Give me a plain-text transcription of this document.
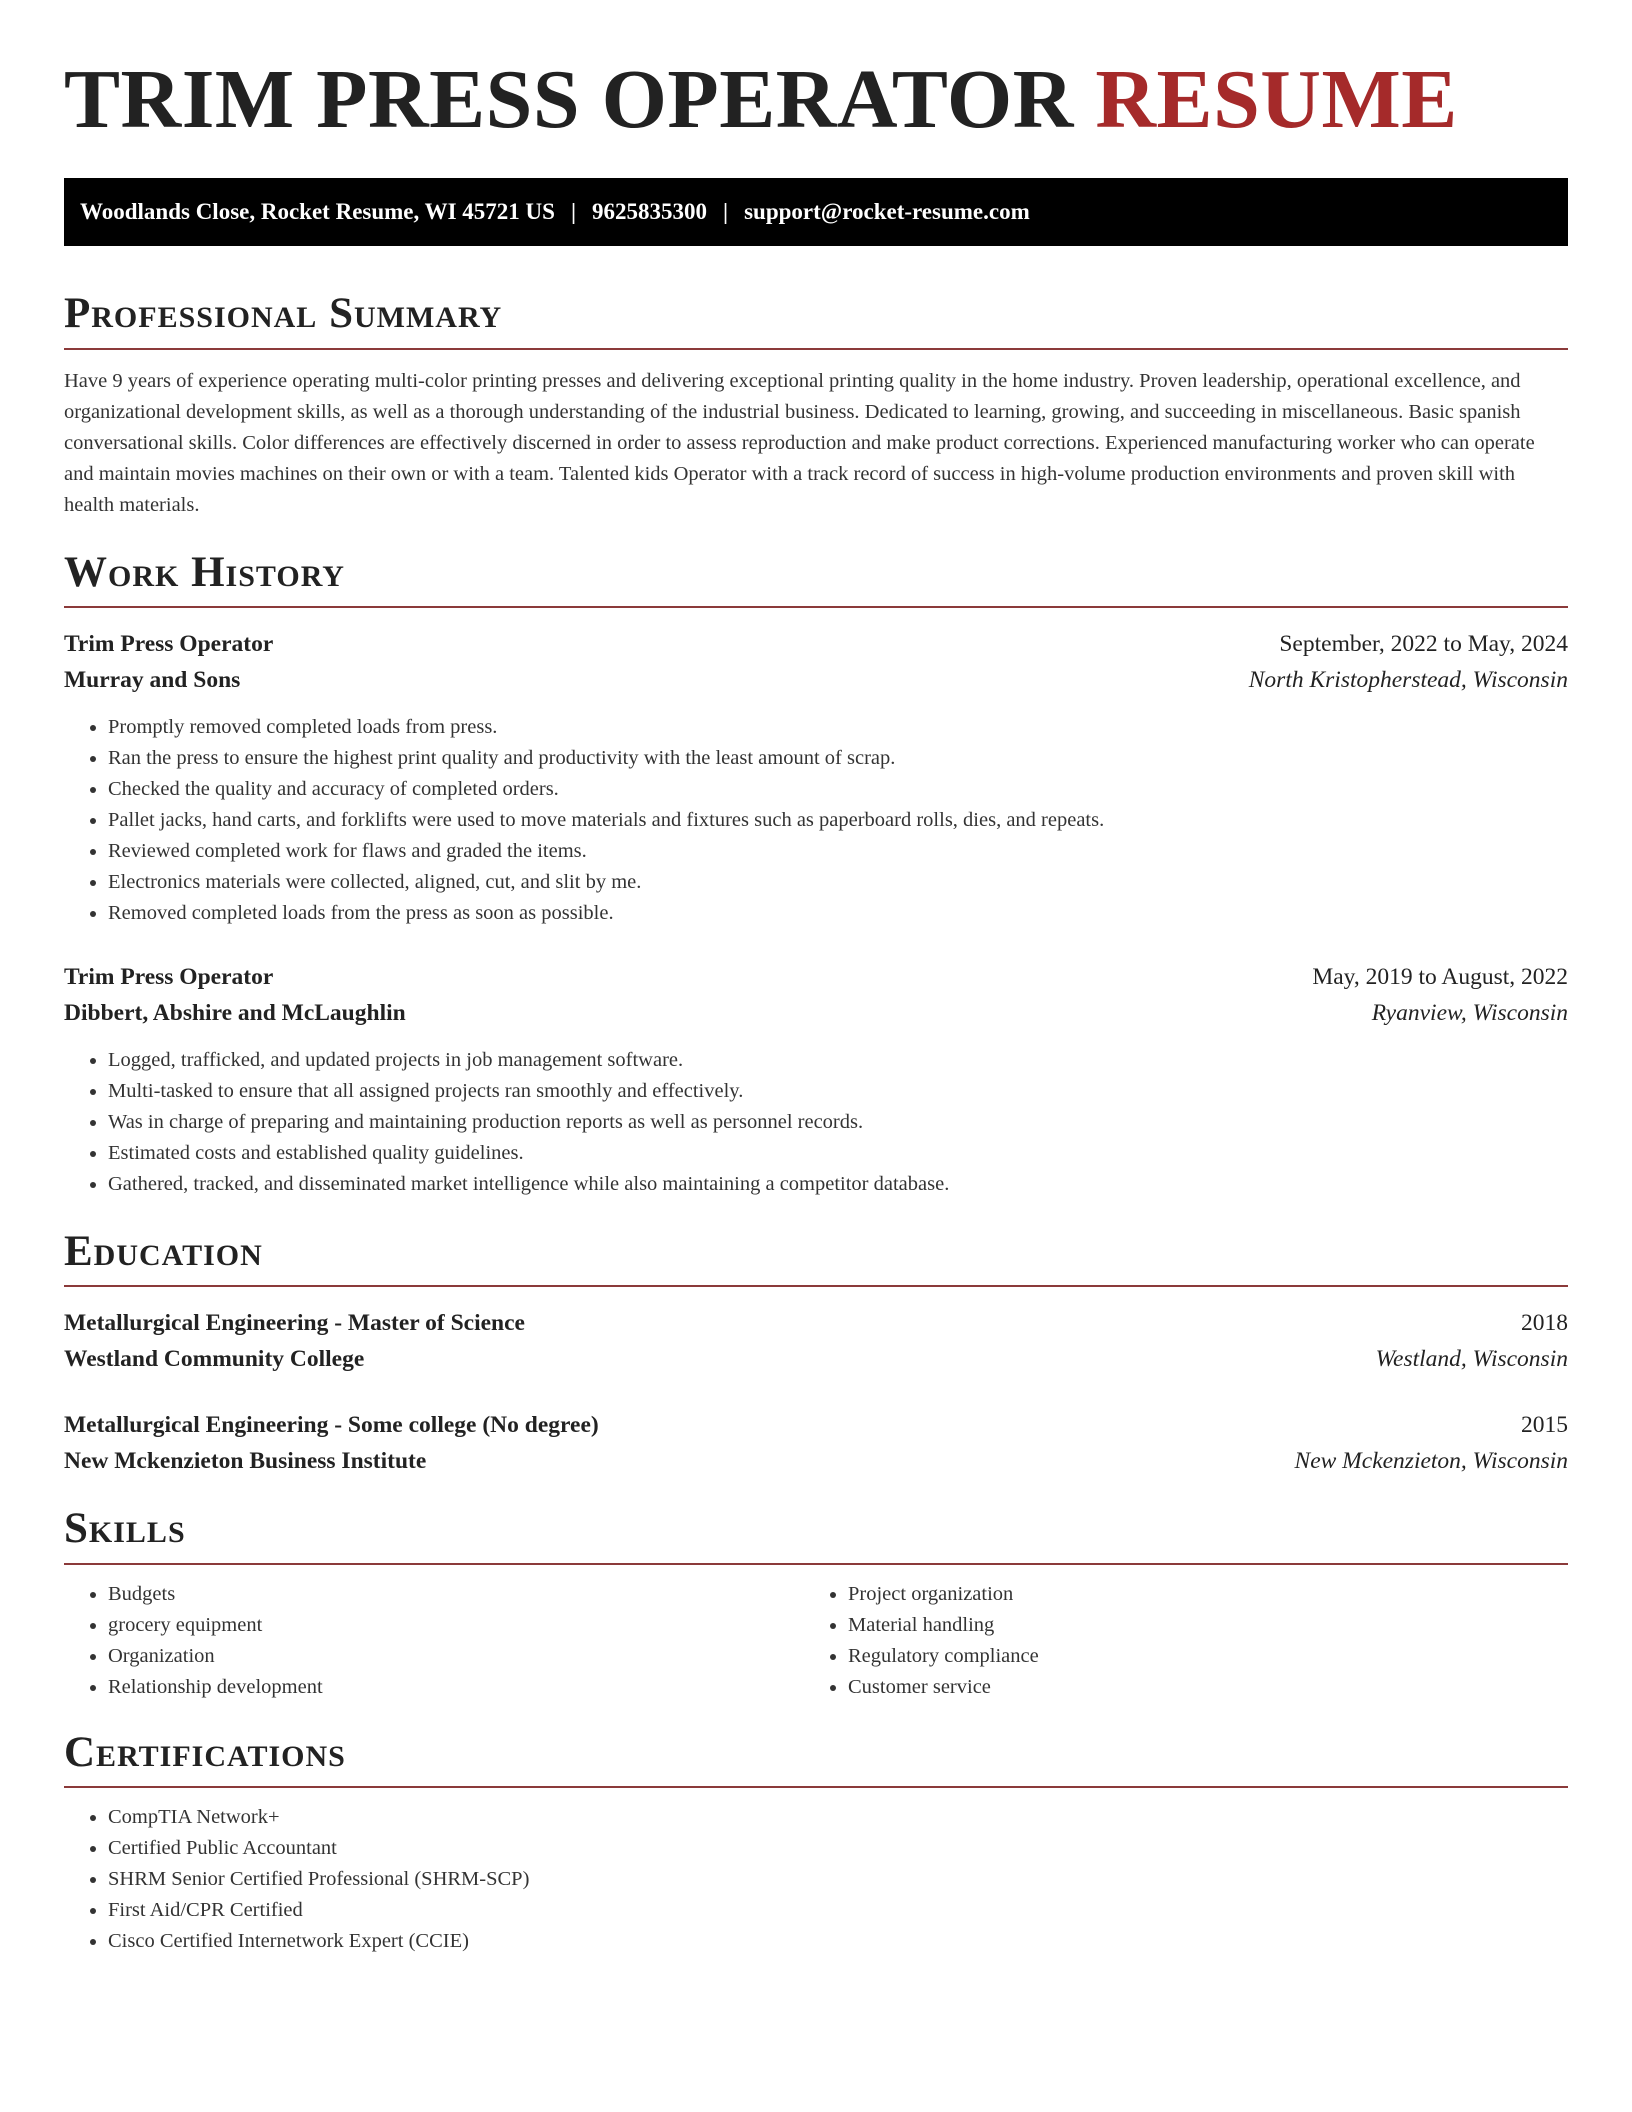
TRIM PRESS OPERATOR RESUME
Woodlands Close, Rocket Resume, WI 45721 US | 9625835300 | support@rocket-resume.com
Professional Summary

Have 9 years of experience operating multi-color printing presses and delivering exceptional printing quality in the home industry. Proven leadership, operational excellence, and organizational development skills, as well as a thorough understanding of the industrial business. Dedicated to learning, growing, and succeeding in miscellaneous. Basic spanish conversational skills. Color differences are effectively discerned in order to assess reproduction and make product corrections. Experienced manufacturing worker who can operate and maintain movies machines on their own or with a team. Talented kids Operator with a track record of success in high-volume production environments and proven skill with health materials.

Work History
Trim Press Operator	September, 2022 to May, 2024
Murray and Sons	North Kristopherstead, Wisconsin
• Promptly removed completed loads from press.
• Ran the press to ensure the highest print quality and productivity with the least amount of scrap.
• Checked the quality and accuracy of completed orders.
• Pallet jacks, hand carts, and forklifts were used to move materials and fixtures such as paperboard rolls, dies, and repeats.
• Reviewed completed work for flaws and graded the items.
• Electronics materials were collected, aligned, cut, and slit by me.
• Removed completed loads from the press as soon as possible.
Trim Press Operator	May, 2019 to August, 2022
Dibbert, Abshire and McLaughlin	Ryanview, Wisconsin
• Logged, trafficked, and updated projects in job management software.
• Multi-tasked to ensure that all assigned projects ran smoothly and effectively.
• Was in charge of preparing and maintaining production reports as well as personnel records.
• Estimated costs and established quality guidelines.
• Gathered, tracked, and disseminated market intelligence while also maintaining a competitor database.
Education
Metallurgical Engineering - Master of Science	2018
Westland Community College	Westland, Wisconsin
Metallurgical Engineering - Some college (No degree)	2015
New Mckenzieton Business Institute	New Mckenzieton, Wisconsin
Skills
• Budgets
• grocery equipment
• Organization
• Relationship development
• Project organization
• Material handling
• Regulatory compliance
• Customer service
Certifications
• CompTIA Network+
• Certified Public Accountant
• SHRM Senior Certified Professional (SHRM-SCP)
• First Aid/CPR Certified
• Cisco Certified Internetwork Expert (CCIE)
